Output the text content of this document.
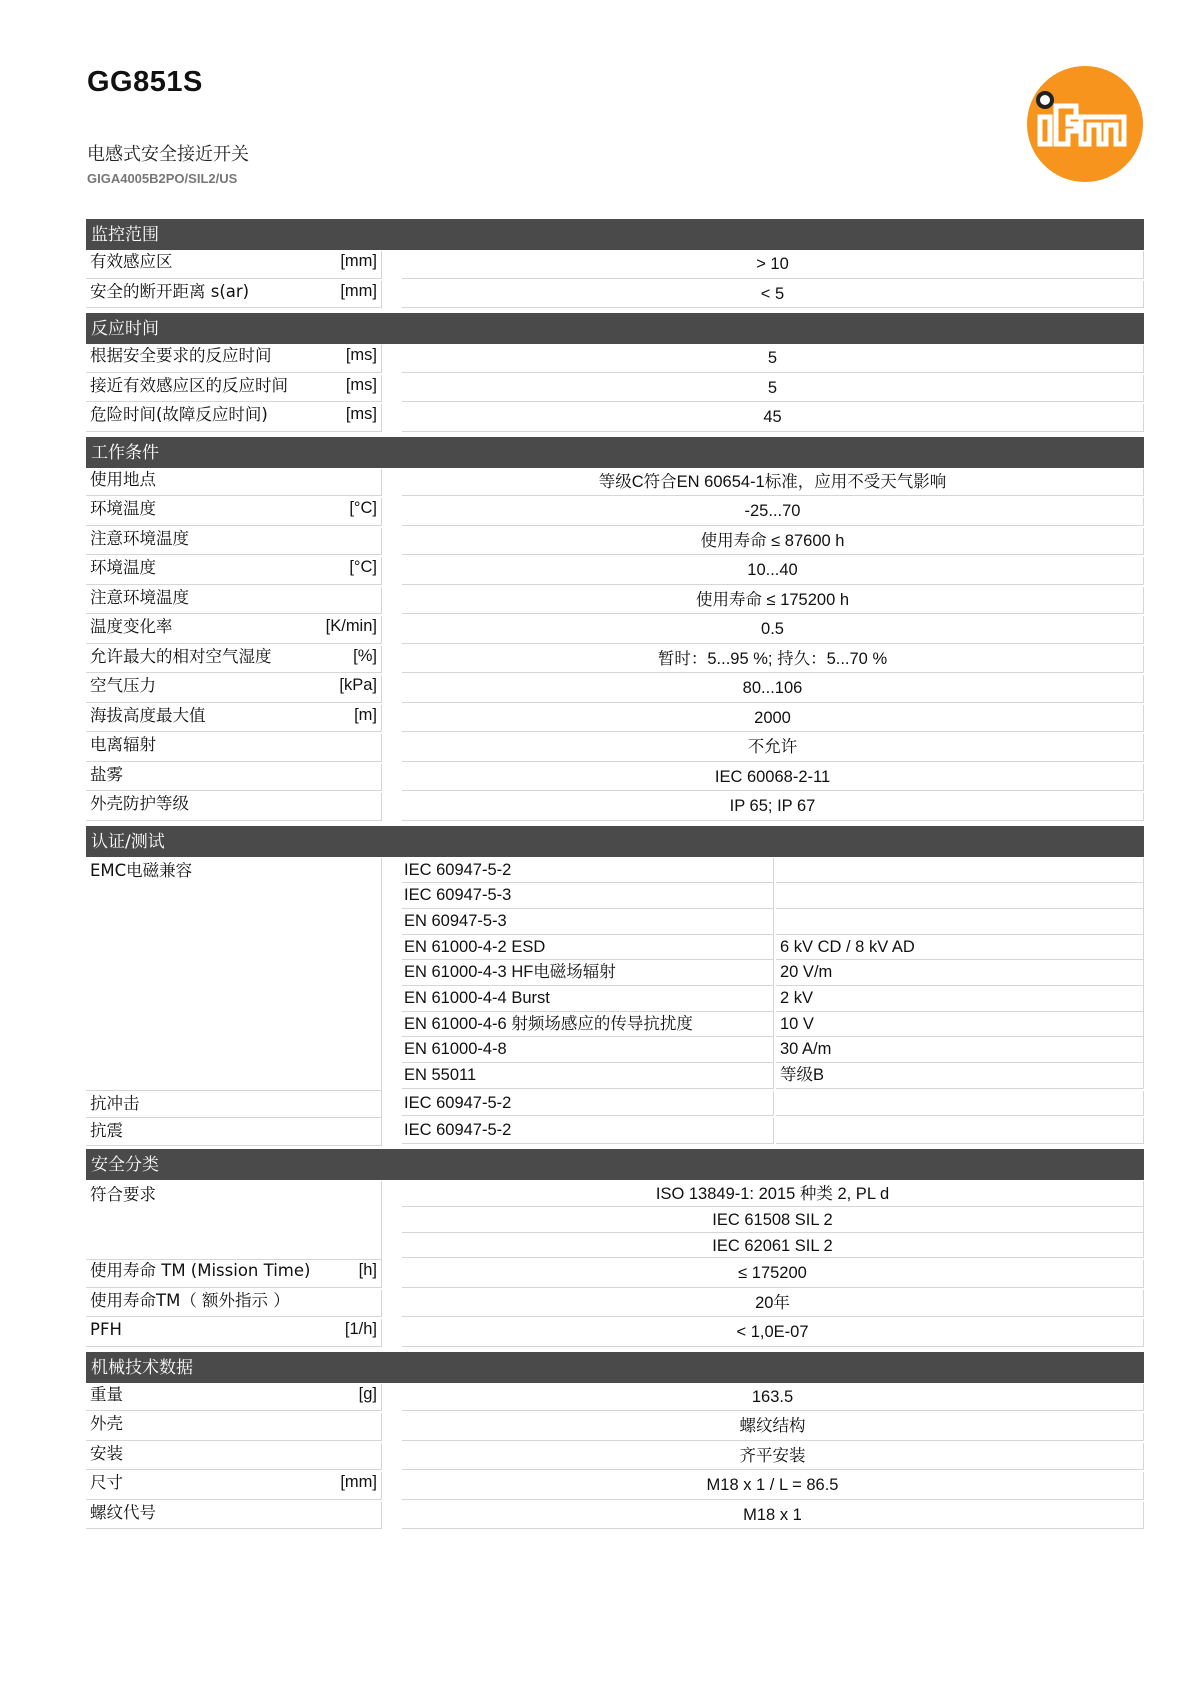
GG851S
电感式安全接近开关
GIGA4005B2PO/SIL2/US
监控范围
有效感应区	[mm]	> 10
安全的断开距离 s(ar)	[mm]	< 5
反应时间
根据安全要求的反应时间	[ms]	5
接近有效感应区的反应时间	[ms]	5
危险时间(故障反应时间)	[ms]	45
工作条件
使用地点	等级C符合EN 60654-1标准，应用不受天气影响
环境温度	[°C]	-25...70
注意环境温度	使用寿命 ≤ 87600 h
环境温度	[°C]	10...40
注意环境温度	使用寿命 ≤ 175200 h
温度变化率	[K/min]	0.5
允许最大的相对空气湿度	[%]	暂时：5...95 %; 持久：5...70 %
空气压力	[kPa]	80...106
海拔高度最大值	[m]	2000
电离辐射	不允许
盐雾	IEC 60068-2-11
外壳防护等级	IP 65; IP 67
认证/测试
EMC电磁兼容	IEC 60947-5-2
IEC 60947-5-3
EN 60947-5-3
EN 61000-4-2 ESD	6 kV CD / 8 kV AD
EN 61000-4-3 HF电磁场辐射	20 V/m
EN 61000-4-4 Burst	2 kV
EN 61000-4-6 射频场感应的传导抗扰度	10 V
EN 61000-4-8	30 A/m
EN 55011	等级B
抗冲击	IEC 60947-5-2
抗震	IEC 60947-5-2
安全分类
符合要求	ISO 13849-1: 2015 种类 2, PL d
IEC 61508 SIL 2
IEC 62061 SIL 2
使用寿命 TM (Mission Time)	[h]	≤ 175200
使用寿命TM（ 额外指示 ）	20年
PFH	[1/h]	< 1,0E-07
机械技术数据
重量	[g]	163.5
外壳	螺纹结构
安装	齐平安装
尺寸	[mm]	M18 x 1 / L = 86.5
螺纹代号	M18 x 1
